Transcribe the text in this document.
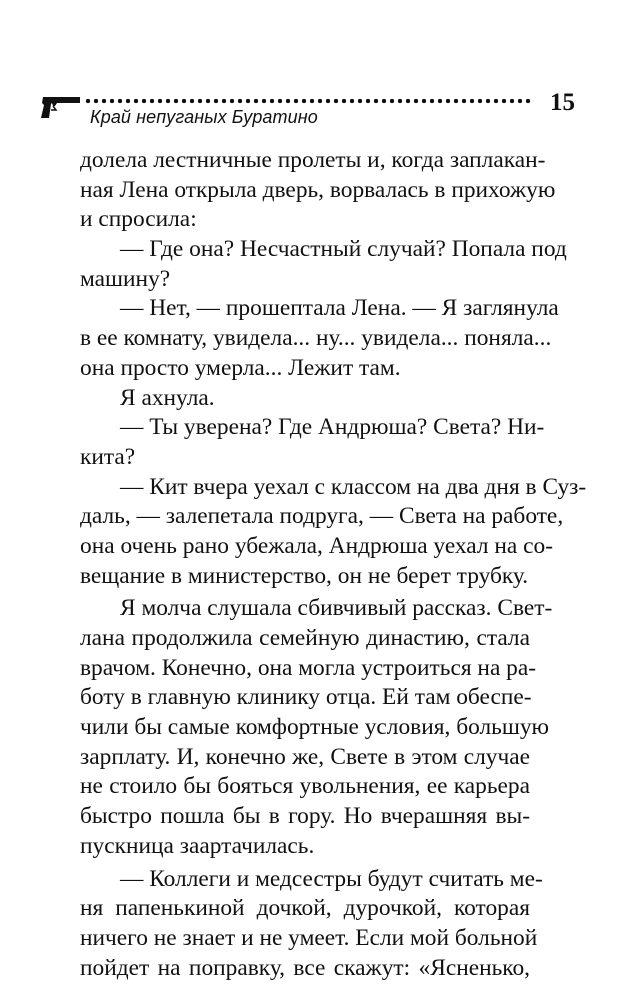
15
Край непуганых Буратино
долела лестничные пролеты и, когда заплакан-
ная Лена открыла дверь, ворвалась в прихожую
и спросила:
— Где она? Несчастный случай? Попала под
машину?
— Нет, — прошептала Лена. — Я заглянула
в ее комнату, увидела... ну... увидела... поняла...
она просто умерла... Лежит там.
Я ахнула.
— Ты уверена? Где Андрюша? Света? Ни-
кита?
— Кит вчера уехал с классом на два дня в Суз-
даль, — залепетала подруга, — Света на работе,
она очень рано убежала, Андрюша уехал на со-
вещание в министерство, он не берет трубку.
Я молча слушала сбивчивый рассказ. Свет-
лана продолжила семейную династию, стала
врачом. Конечно, она могла устроиться на ра-
боту в главную клинику отца. Ей там обеспе-
чили бы самые комфортные условия, большую
зарплату. И, конечно же, Свете в этом случае
не стоило бы бояться увольнения, ее карьера
быстро пошла бы в гору. Но вчерашняя вы-
пускница заартачилась.
— Коллеги и медсестры будут считать ме-
ня папенькиной дочкой, дурочкой, которая
ничего не знает и не умеет. Если мой больной
пойдет на поправку, все скажут: «Ясненько,
